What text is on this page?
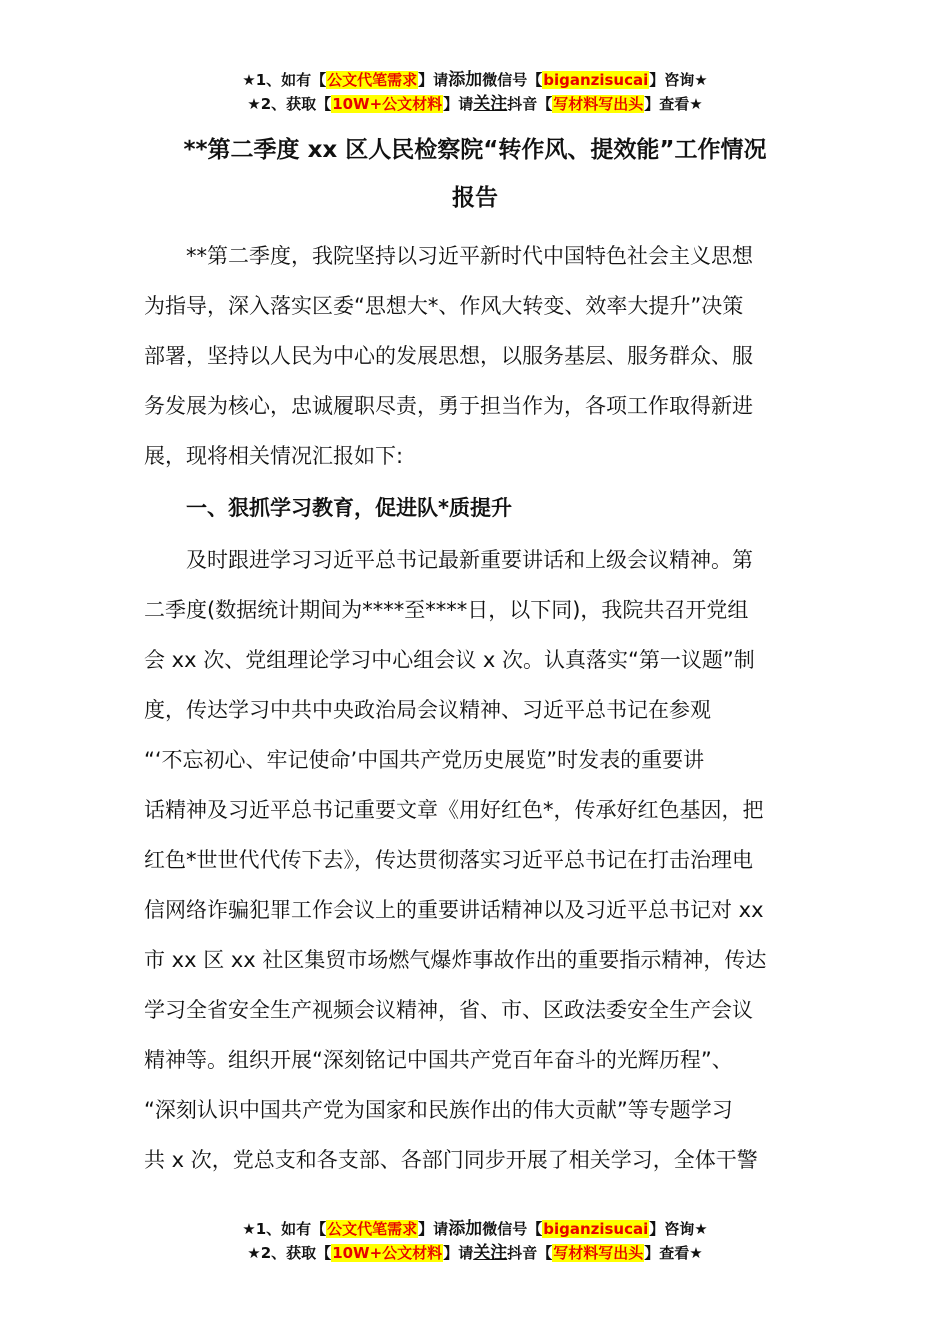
★1、如有【公文代笔需求】请添加微信号【biganzisucai】咨询★
★2、获取【10W+公文材料】请关注抖音【写材料写出头】查看★
**第二季度 xx 区人民检察院“转作风、提效能”工作情况
报告
**第二季度，我院坚持以习近平新时代中国特色社会主义思想
为指导，深入落实区委“思想大*、作风大转变、效率大提升”决策
部署，坚持以人民为中心的发展思想，以服务基层、服务群众、服
务发展为核心，忠诚履职尽责，勇于担当作为，各项工作取得新进
展，现将相关情况汇报如下:
一、狠抓学习教育，促进队*质提升
及时跟进学习习近平总书记最新重要讲话和上级会议精神。第
二季度(数据统计期间为****至****日，以下同)，我院共召开党组
会 xx 次、党组理论学习中心组会议 x 次。认真落实“第一议题”制
度，传达学习中共中央政治局会议精神、习近平总书记在参观
“‘不忘初心、牢记使命’中国共产党历史展览”时发表的重要讲
话精神及习近平总书记重要文章《用好红色*，传承好红色基因，把
红色*世世代代传下去》，传达贯彻落实习近平总书记在打击治理电
信网络诈骗犯罪工作会议上的重要讲话精神以及习近平总书记对 xx
市 xx 区 xx 社区集贸市场燃气爆炸事故作出的重要指示精神，传达
学习全省安全生产视频会议精神，省、市、区政法委安全生产会议
精神等。组织开展“深刻铭记中国共产党百年奋斗的光辉历程”、
“深刻认识中国共产党为国家和民族作出的伟大贡献”等专题学习
共 x 次，党总支和各支部、各部门同步开展了相关学习，全体干警
★1、如有【公文代笔需求】请添加微信号【biganzisucai】咨询★
★2、获取【10W+公文材料】请关注抖音【写材料写出头】查看★
